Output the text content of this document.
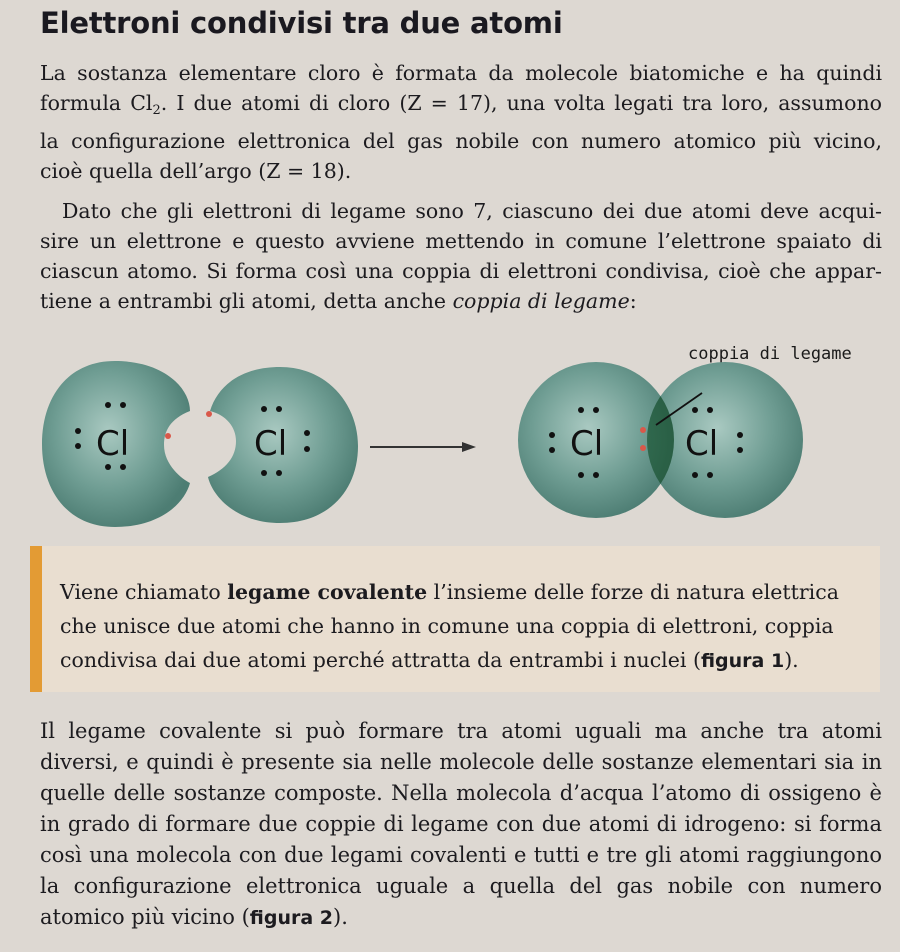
Elettroni condivisi tra due atomi
La sostanza elementare cloro è formata da molecole biatomiche e ha quindi
formula $Cl_2$. I due atomi di cloro (Z = 17), una volta legati tra loro, assumono
la configurazione elettronica del gas nobile con numero atomico più vicino,
cioè quella dell’argo (Z = 18).
Dato che gli elettroni di legame sono 7, ciascuno dei due atomi deve acqui-
sire un elettrone e questo avviene mettendo in comune l’elettrone spaiato di
ciascun atomo. Si forma così una coppia di elettroni condivisa, cioè che appar-
tiene a entrambi gli atomi, detta anche coppia di legame:
coppia di legame
Cl	Cl	Cl Cl
Viene chiamato legame covalente l’insieme delle forze di natura elettrica che unisce due atomi che hanno in comune una coppia di elettroni, coppia condivisa dai due atomi perché attratta da entrambi i nuclei (figura 1).

Il legame covalente si può formare tra atomi uguali ma anche tra atomi diversi, e quindi è presente sia nelle molecole delle sostanze elementari sia in quelle delle sostanze composte. Nella molecola d’acqua l’atomo di ossigeno è in grado di formare due coppie di legame con due atomi di idrogeno: si forma così una molecola con due legami covalenti e tutti e tre gli atomi raggiungono la configurazione elettronica uguale a quella del gas nobile con numero atomico più vicino (figura 2).
